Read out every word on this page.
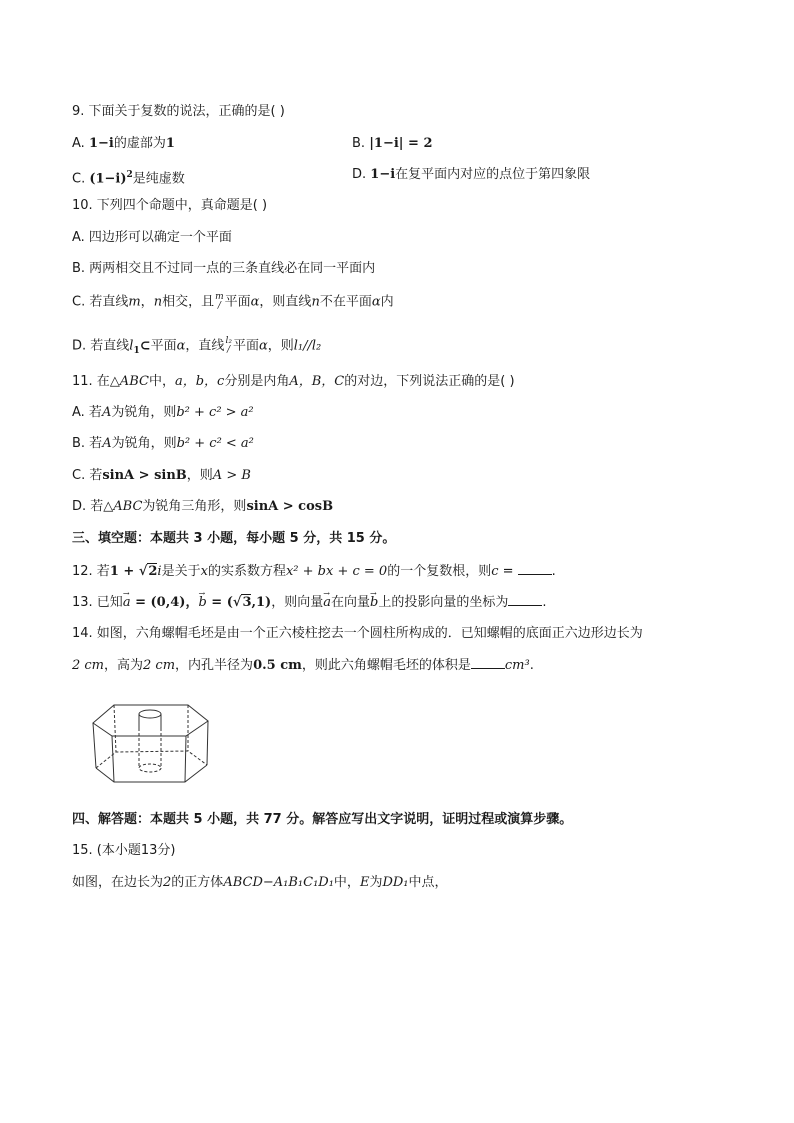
9. 下面关于复数的说法，正确的是( )
A. 1−i的虚部为1	B. |1−i| = 2
C. $(1-i)^2$是纯虚数	D. 1−i在复平面内对应的点位于第四象限
10. 下列四个命题中，真命题是( )
A. 四边形可以确定一个平面
B. 两两相交且不过同一点的三条直线必在同一平面内
C. 若直线m，n相交，且 m
/ 平面α，则直线n不在平面α内
D. 若直线$l_1\subset$平面α，直线 l₂
/ 平面α，则l₁//l₂
11. 在△ABC中，a，b，c分别是内角A，B，C的对边，下列说法正确的是( )
A. 若A为锐角，则b² + c² > a²
B. 若A为锐角，则b² + c² < a²
C. 若sinA > sinB，则A > B
D. 若△ABC为锐角三角形，则sinA > cosB
三、填空题：本题共 3 小题，每小题 5 分，共 15 分。
12. 若1 + √2i是关于x的实系数方程x² + bx + c = 0的一个复数根，则c =	.
13. 已知→ a = (0,4)，→ b = (√3,1)，则向量→ a在向量→ b上的投影向量的坐标为	.
14. 如图，六角螺帽毛坯是由一个正六棱柱挖去一个圆柱所构成的．已知螺帽的底面正六边形边长为
2 cm，高为2 cm，内孔半径为0.5 cm，则此六角螺帽毛坯的体积是	cm³.
四、解答题：本题共 5 小题，共 77 分。解答应写出文字说明，证明过程或演算步骤。
15. (本小题13分)
如图，在边长为2的正方体ABCD−A₁B₁C₁D₁中，E为DD₁中点，
